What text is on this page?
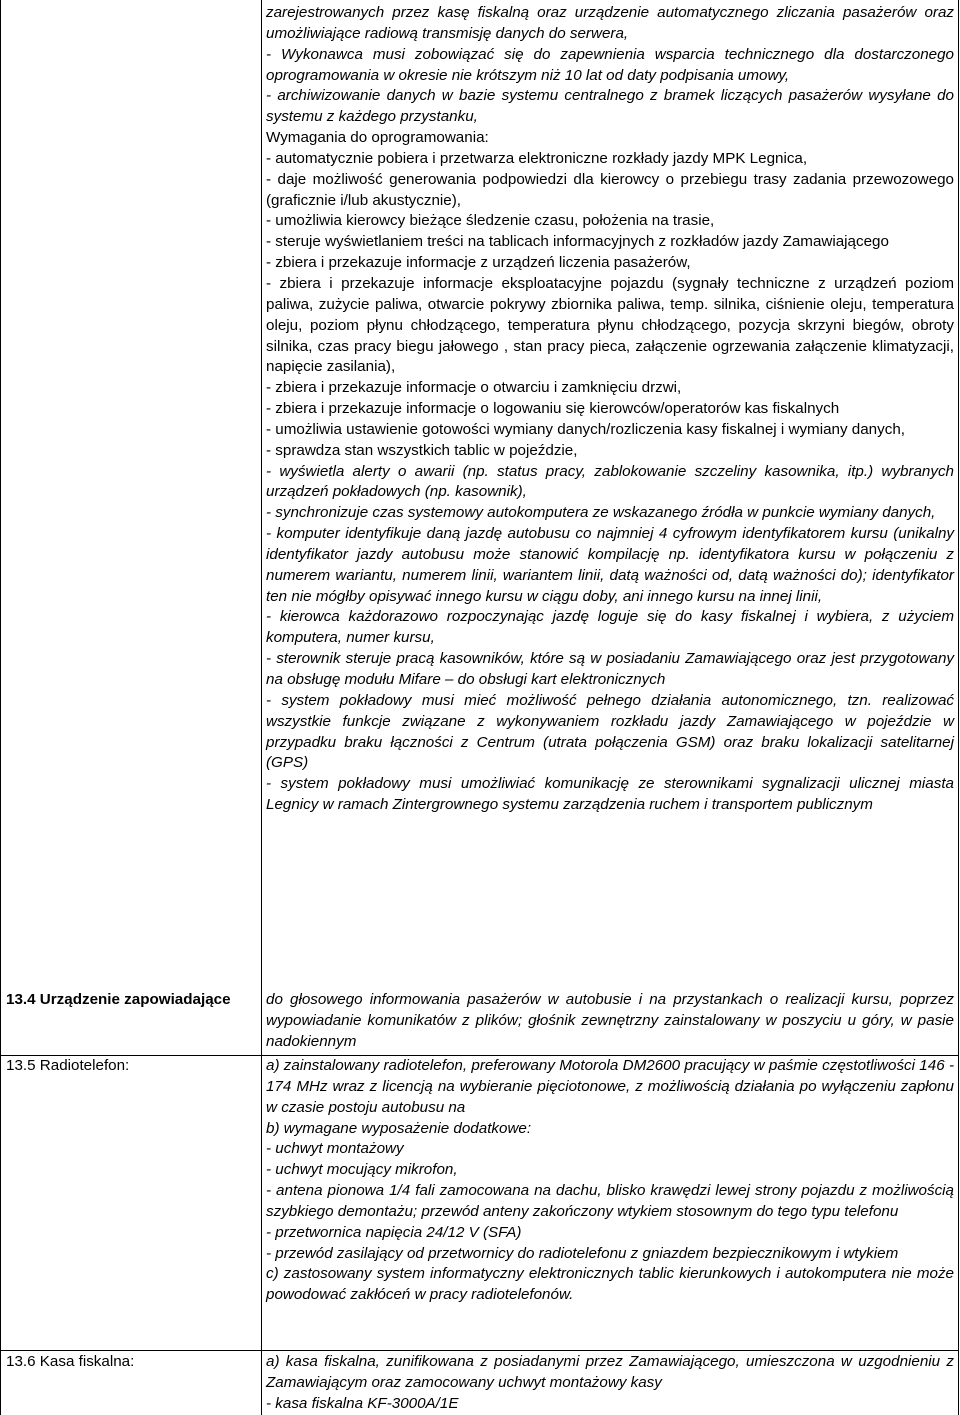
zarejestrowanych przez kasę fiskalną oraz urządzenie automatycznego zliczania pasażerów oraz umożliwiające radiową transmisję danych do serwera,

- Wykonawca musi zobowiązać się do zapewnienia wsparcia technicznego dla dostarczonego oprogramowania w okresie nie krótszym niż 10 lat od daty podpisania umowy,

- archiwizowanie danych w bazie systemu centralnego z bramek liczących pasażerów wysyłane do systemu z każdego przystanku,

Wymagania do oprogramowania:

- automatycznie pobiera i przetwarza elektroniczne rozkłady jazdy MPK Legnica,

- daje możliwość generowania podpowiedzi dla kierowcy o przebiegu trasy zadania przewozowego (graficznie i/lub akustycznie),

- umożliwia kierowcy bieżące śledzenie czasu, położenia na trasie,

- steruje wyświetlaniem treści na tablicach informacyjnych z rozkładów jazdy Zamawiającego

- zbiera i przekazuje informacje z urządzeń liczenia pasażerów,

- zbiera i przekazuje informacje eksploatacyjne pojazdu (sygnały techniczne z urządzeń poziom paliwa, zużycie paliwa, otwarcie pokrywy zbiornika paliwa, temp. silnika, ciśnienie oleju, temperatura oleju, poziom płynu chłodzącego, temperatura płynu chłodzącego, pozycja skrzyni biegów, obroty silnika, czas pracy biegu jałowego , stan pracy pieca, załączenie ogrzewania załączenie klimatyzacji, napięcie zasilania),

- zbiera i przekazuje informacje o otwarciu i zamknięciu drzwi,

- zbiera i przekazuje informacje o logowaniu się kierowców/operatorów kas fiskalnych

- umożliwia ustawienie gotowości wymiany danych/rozliczenia kasy fiskalnej i wymiany danych,

- sprawdza stan wszystkich tablic w pojeździe,

- wyświetla alerty o awarii (np. status pracy, zablokowanie szczeliny kasownika, itp.) wybranych urządzeń pokładowych (np. kasownik),

- synchronizuje czas systemowy autokomputera ze wskazanego źródła w punkcie wymiany danych,

- komputer identyfikuje daną jazdę autobusu co najmniej 4 cyfrowym identyfikatorem kursu (unikalny identyfikator jazdy autobusu może stanowić kompilację np. identyfikatora kursu w połączeniu z numerem wariantu, numerem linii, wariantem linii, datą ważności od, datą ważności do); identyfikator ten nie mógłby opisywać innego kursu w ciągu doby, ani innego kursu na innej linii,

- kierowca każdorazowo rozpoczynając jazdę loguje się do kasy fiskalnej i wybiera, z użyciem komputera, numer kursu,

- sterownik steruje pracą kasowników, które są w posiadaniu Zamawiającego oraz jest przygotowany na obsługę modułu Mifare – do obsługi kart elektronicznych

- system pokładowy musi mieć możliwość pełnego działania autonomicznego, tzn. realizować wszystkie funkcje związane z wykonywaniem rozkładu jazdy Zamawiającego w pojeździe w przypadku braku łączności z Centrum (utrata połączenia GSM) oraz braku lokalizacji satelitarnej (GPS)

- system pokładowy musi umożliwiać komunikację ze sterownikami sygnalizacji ulicznej miasta Legnicy w ramach Zintergrownego systemu zarządzenia ruchem i transportem publicznym

13.4 Urządzenie zapowiadające	do głosowego informowania pasażerów w autobusie i na przystankach o realizacji kursu, poprzez wypowiadanie komunikatów z plików; głośnik zewnętrzny zainstalowany w poszyciu u góry, w pasie nadokiennym

13.5 Radiotelefon:	a) zainstalowany radiotelefon, preferowany Motorola DM2600 pracujący w paśmie częstotliwości 146 - 174 MHz wraz z licencją na wybieranie pięciotonowe, z możliwością działania po wyłączeniu zapłonu w czasie postoju autobusu na

b) wymagane wyposażenie dodatkowe:

- uchwyt montażowy

- uchwyt mocujący mikrofon,

- antena pionowa 1/4 fali zamocowana na dachu, blisko krawędzi lewej strony pojazdu z możliwością szybkiego demontażu; przewód anteny zakończony wtykiem stosownym do tego typu telefonu

- przetwornica napięcia 24/12 V (SFA)

- przewód zasilający od przetwornicy do radiotelefonu z gniazdem bezpiecznikowym i wtykiem

c) zastosowany system informatyczny elektronicznych tablic kierunkowych i autokomputera nie może powodować zakłóceń w pracy radiotelefonów.

13.6 Kasa fiskalna:	a) kasa fiskalna, zunifikowana z posiadanymi przez Zamawiającego, umieszczona w uzgodnieniu z Zamawiającym oraz zamocowany uchwyt montażowy kasy

- kasa fiskalna KF-3000A/1E
